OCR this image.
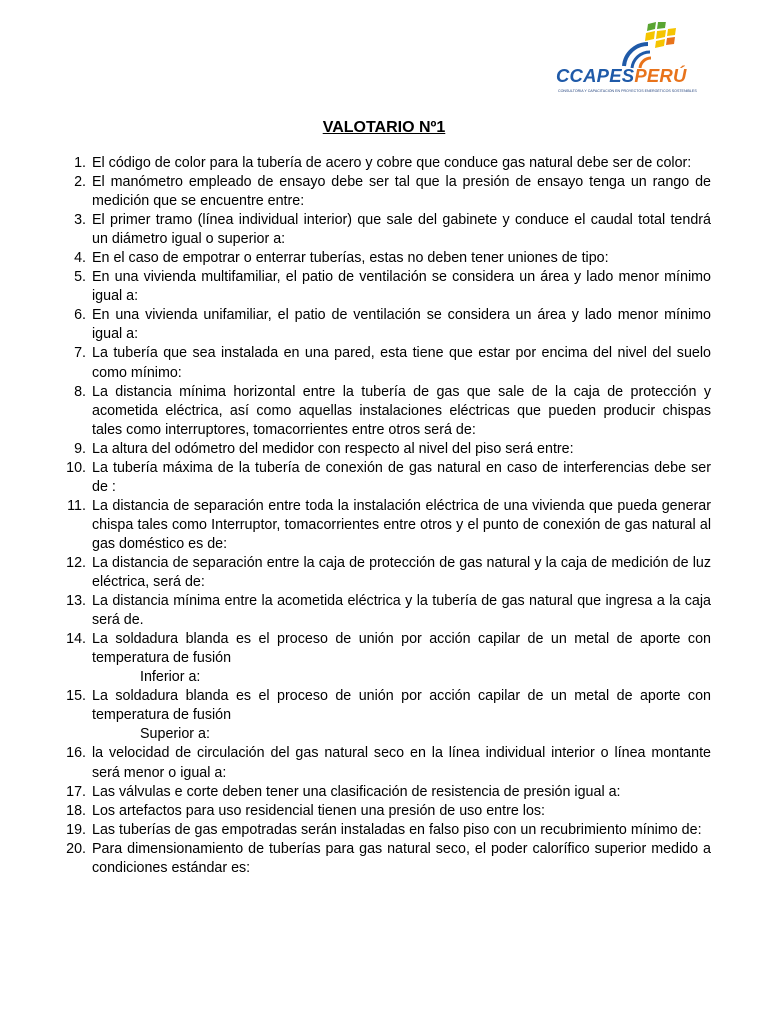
CCAPESPERÚ
CONSULTORIA Y CAPACITACIÓN EN PROYECTOS ENERGÉTICOS SOSTENIBLES
VALOTARIO Nº1
1. El código de color para la tubería de acero y cobre que conduce gas natural debe ser de color:
2. El manómetro empleado de ensayo debe ser tal que la presión de ensayo tenga un rango de medición que se encuentre entre:
3. El primer tramo (línea individual interior) que sale del gabinete y conduce el caudal total tendrá un diámetro igual o superior a:
4. En el caso de empotrar o enterrar tuberías, estas no deben tener uniones de tipo:
5. En una vivienda multifamiliar, el patio de ventilación se considera un área y lado menor mínimo igual a:
6. En una vivienda unifamiliar, el patio de ventilación se considera un área y lado menor mínimo igual a:
7. La tubería que sea instalada en una pared, esta tiene que estar por encima del nivel del suelo como mínimo:
8. La distancia mínima horizontal entre la tubería de gas que sale de la caja de protección y acometida eléctrica, así como aquellas instalaciones eléctricas que pueden producir chispas tales como interruptores, tomacorrientes entre otros será de:
9. La altura del odómetro del medidor con respecto al nivel del piso será entre:
10. La tubería máxima de la tubería de conexión de gas natural en caso de interferencias debe ser de :
11. La distancia de separación entre toda la instalación eléctrica de una vivienda que pueda generar chispa tales como Interruptor, tomacorrientes entre otros y el punto de conexión de gas natural al gas doméstico es de:
12. La distancia de separación entre la caja de protección de gas natural y la caja de medición de luz eléctrica, será de:
13. La distancia mínima entre la acometida eléctrica y la tubería de gas natural que ingresa a la caja será de.
14. La soldadura blanda es el proceso de unión por acción capilar de un metal de aporte con temperatura de fusión
Inferior a:
15. La soldadura blanda es el proceso de unión por acción capilar de un metal de aporte con temperatura de fusión
Superior a:
16. la velocidad de circulación del gas natural seco en la línea individual interior o línea montante será menor o igual a:
17. Las válvulas e corte deben tener una clasificación de resistencia de presión igual a:
18. Los artefactos para uso residencial tienen una presión de uso entre los:
19. Las tuberías de gas empotradas serán instaladas en falso piso con un recubrimiento mínimo de:
20. Para dimensionamiento de tuberías para gas natural seco, el poder calorífico superior medido a condiciones estándar es:
